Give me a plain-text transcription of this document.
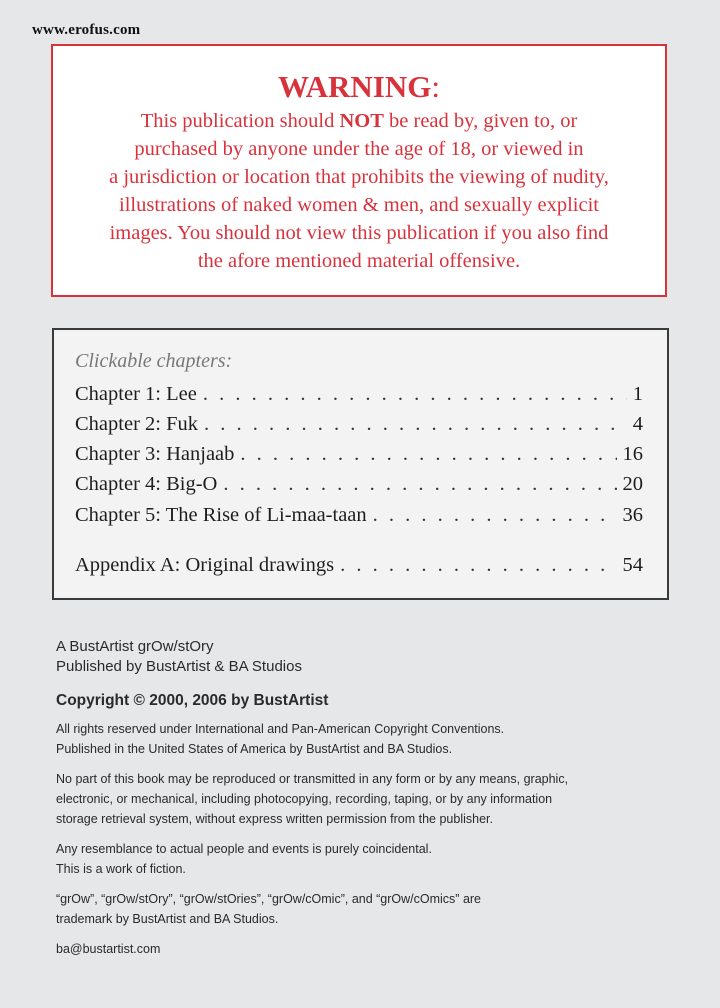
www.erofus.com
WARNING:
This publication should NOT be read by, given to, or
purchased by anyone under the age of 18, or viewed in
a jurisdiction or location that prohibits the viewing of nudity,
illustrations of naked women & men, and sexually explicit
images. You should not view this publication if you also find
the afore mentioned material offensive.
Clickable chapters:
Chapter 1: Lee . . .	1
Chapter 2: Fuk . . .	4
Chapter 3: Hanjaab . . .	16
Chapter 4: Big-O . . .	20
Chapter 5: The Rise of Li-maa-taan . . .	36
Appendix A: Original drawings . . .	54
A BustArtist grOw/stOry
Published by BustArtist & BA Studios
Copyright © 2000, 2006 by BustArtist
All rights reserved under International and Pan-American Copyright Conventions.
Published in the United States of America by BustArtist and BA Studios.
No part of this book may be reproduced or transmitted in any form or by any means, graphic,
electronic, or mechanical, including photocopying, recording, taping, or by any information
storage retrieval system, without express written permission from the publisher.
Any resemblance to actual people and events is purely coincidental.
This is a work of fiction.
“grOw”, “grOw/stOry”, “grOw/stOries”, “grOw/cOmic”, and “grOw/cOmics” are
trademark by BustArtist and BA Studios.
ba@bustartist.com
